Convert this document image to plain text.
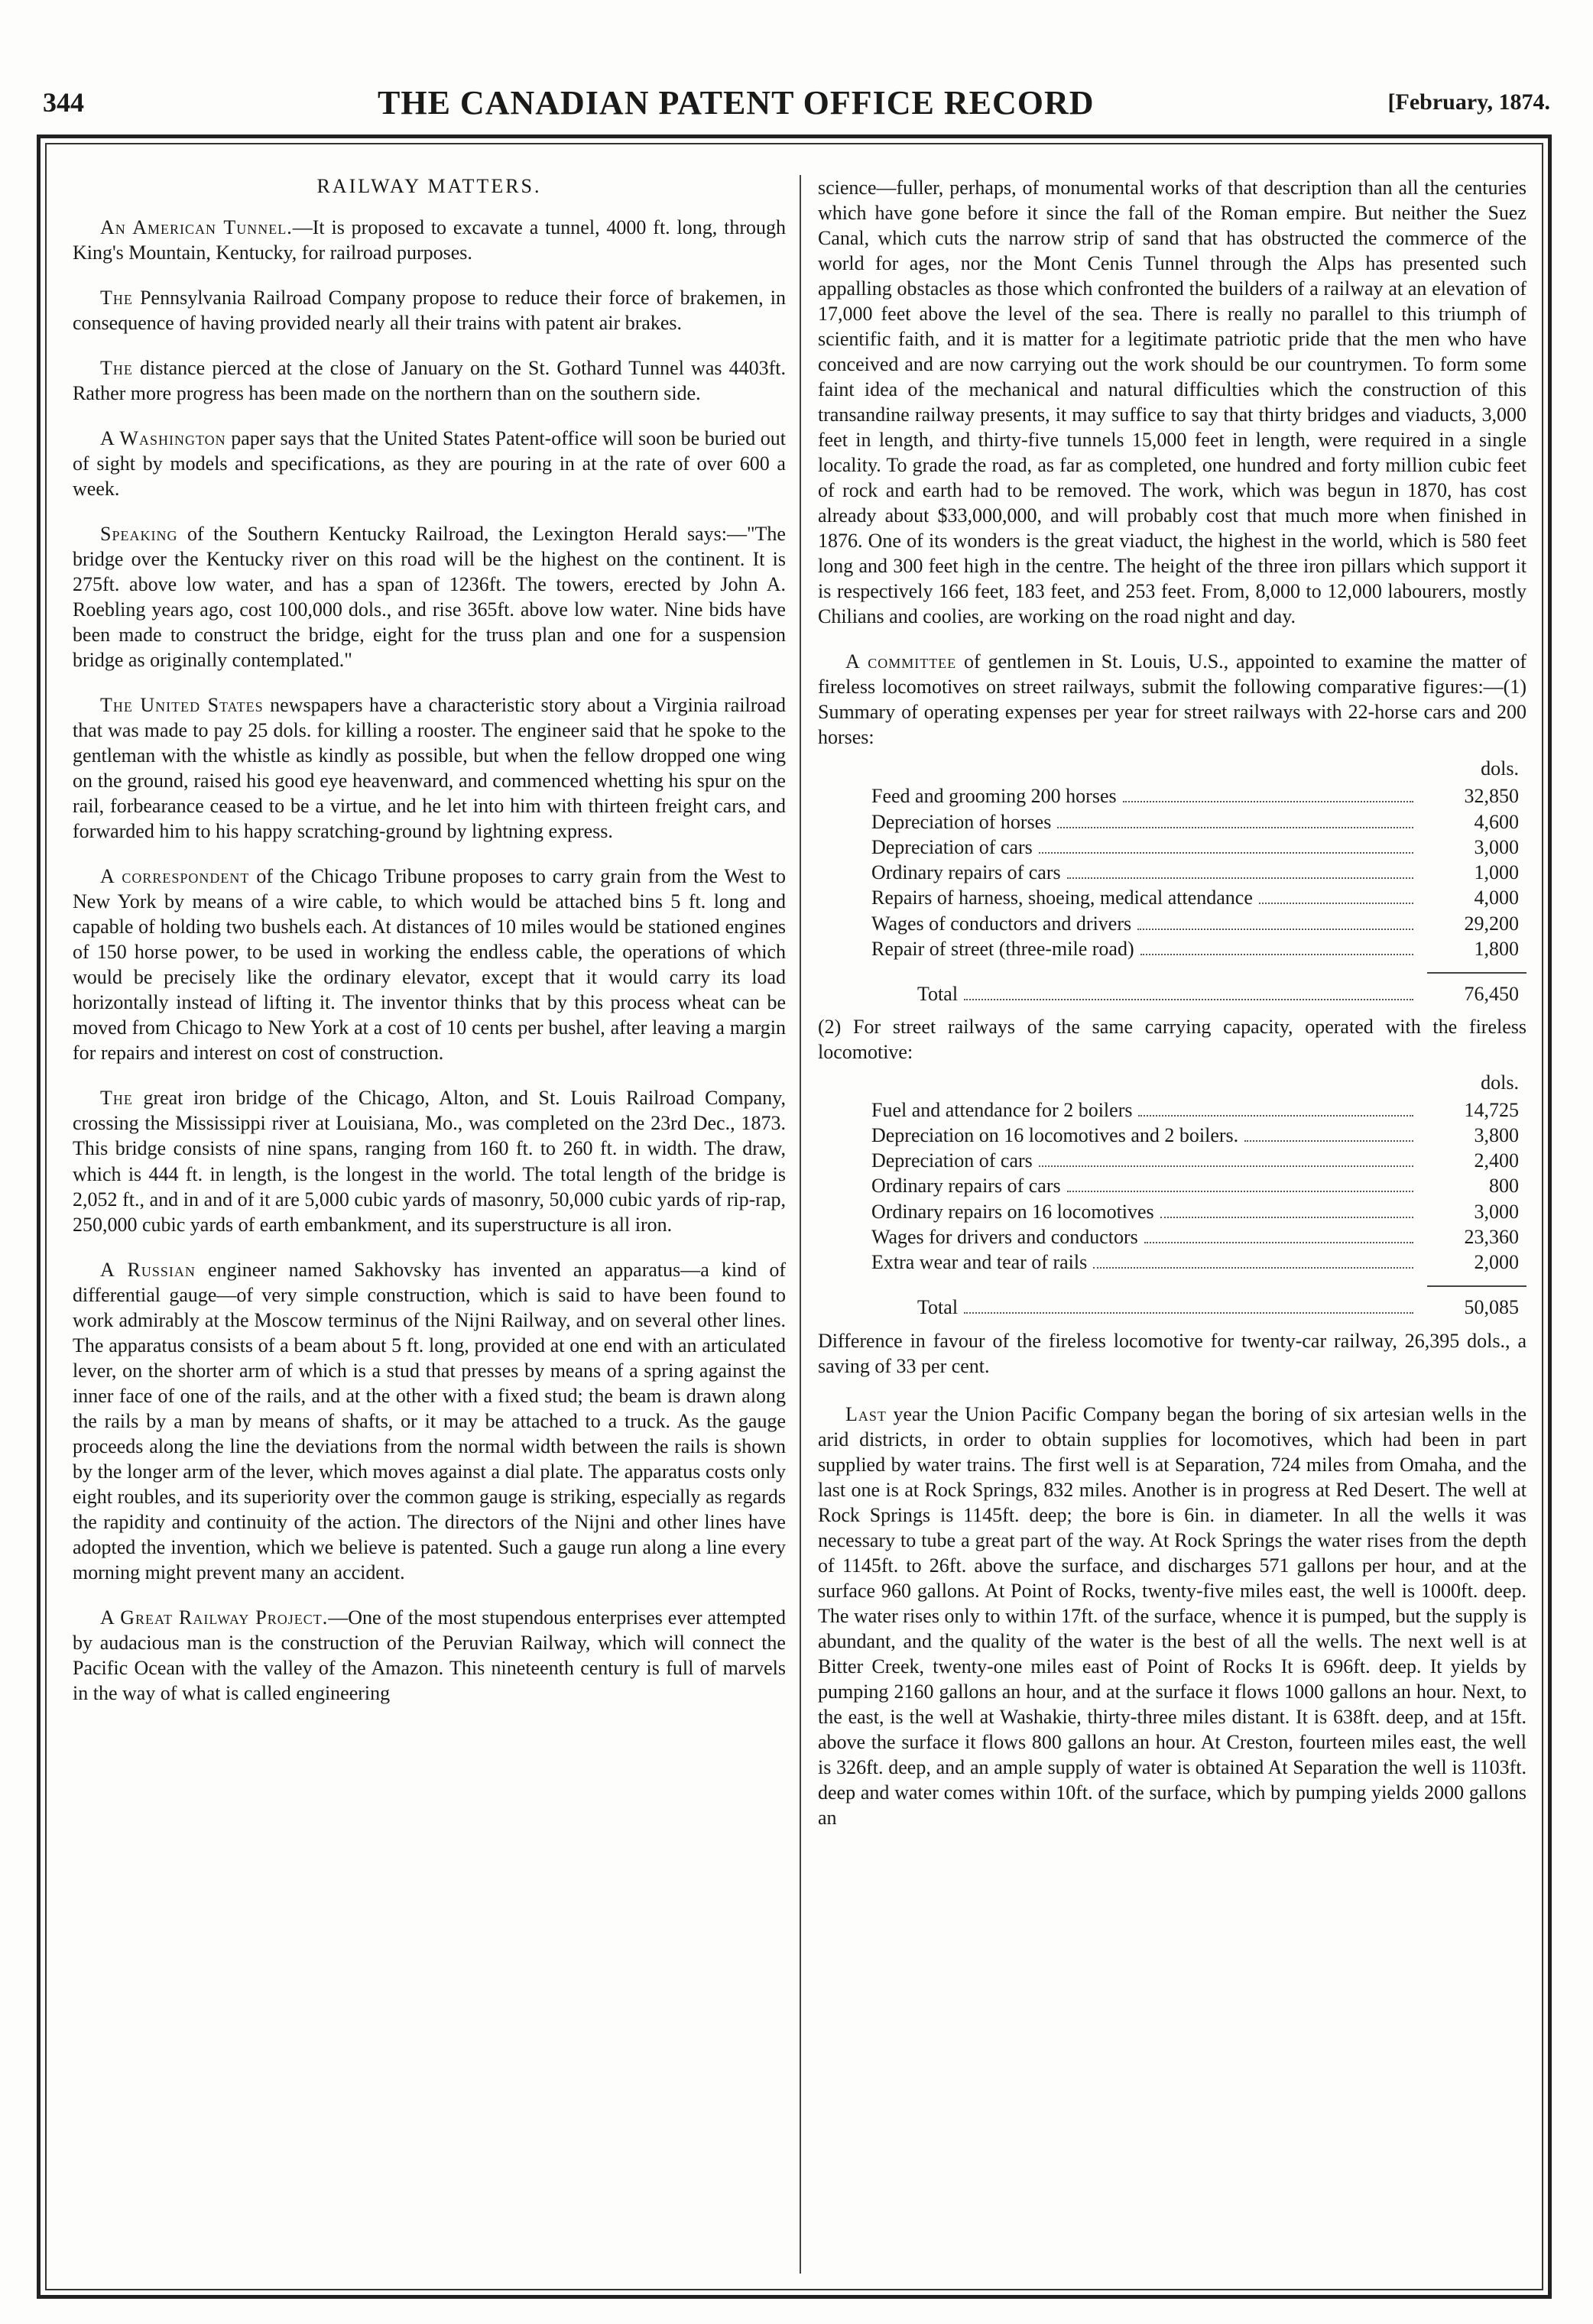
344	THE CANADIAN PATENT OFFICE RECORD	[February, 1874.
RAILWAY MATTERS.

An American Tunnel.—It is proposed to excavate a tunnel, 4000 ft. long, through King's Mountain, Kentucky, for railroad purposes.

The Pennsylvania Railroad Company propose to reduce their force of brakemen, in consequence of having provided nearly all their trains with patent air brakes.

The distance pierced at the close of January on the St. Gothard Tunnel was 4403ft. Rather more progress has been made on the northern than on the southern side.

A Washington paper says that the United States Patent-office will soon be buried out of sight by models and specifications, as they are pouring in at the rate of over 600 a week.

Speaking of the Southern Kentucky Railroad, the Lexington Herald says:—"The bridge over the Kentucky river on this road will be the highest on the continent. It is 275ft. above low water, and has a span of 1236ft. The towers, erected by John A. Roebling years ago, cost 100,000 dols., and rise 365ft. above low water. Nine bids have been made to construct the bridge, eight for the truss plan and one for a suspension bridge as originally contemplated."

The United States newspapers have a characteristic story about a Virginia railroad that was made to pay 25 dols. for killing a rooster. The engineer said that he spoke to the gentleman with the whistle as kindly as possible, but when the fellow dropped one wing on the ground, raised his good eye heavenward, and commenced whetting his spur on the rail, forbearance ceased to be a virtue, and he let into him with thirteen freight cars, and forwarded him to his happy scratching-ground by lightning express.

A correspondent of the Chicago Tribune proposes to carry grain from the West to New York by means of a wire cable, to which would be attached bins 5 ft. long and capable of holding two bushels each. At distances of 10 miles would be stationed engines of 150 horse power, to be used in working the endless cable, the operations of which would be precisely like the ordinary elevator, except that it would carry its load horizontally instead of lifting it. The inventor thinks that by this process wheat can be moved from Chicago to New York at a cost of 10 cents per bushel, after leaving a margin for repairs and interest on cost of construction.

The great iron bridge of the Chicago, Alton, and St. Louis Railroad Company, crossing the Mississippi river at Louisiana, Mo., was completed on the 23rd Dec., 1873. This bridge consists of nine spans, ranging from 160 ft. to 260 ft. in width. The draw, which is 444 ft. in length, is the longest in the world. The total length of the bridge is 2,052 ft., and in and of it are 5,000 cubic yards of masonry, 50,000 cubic yards of rip-rap, 250,000 cubic yards of earth embankment, and its superstructure is all iron.

A Russian engineer named Sakhovsky has invented an apparatus—a kind of differential gauge—of very simple construction, which is said to have been found to work admirably at the Moscow terminus of the Nijni Railway, and on several other lines. The apparatus consists of a beam about 5 ft. long, provided at one end with an articulated lever, on the shorter arm of which is a stud that presses by means of a spring against the inner face of one of the rails, and at the other with a fixed stud; the beam is drawn along the rails by a man by means of shafts, or it may be attached to a truck. As the gauge proceeds along the line the deviations from the normal width between the rails is shown by the longer arm of the lever, which moves against a dial plate. The apparatus costs only eight roubles, and its superiority over the common gauge is striking, especially as regards the rapidity and continuity of the action. The directors of the Nijni and other lines have adopted the invention, which we believe is patented. Such a gauge run along a line every morning might prevent many an accident.

A Great Railway Project.—One of the most stupendous enterprises ever attempted by audacious man is the construction of the Peruvian Railway, which will connect the Pacific Ocean with the valley of the Amazon. This nineteenth century is full of marvels in the way of what is called engineering

science—fuller, perhaps, of monumental works of that description than all the centuries which have gone before it since the fall of the Roman empire. But neither the Suez Canal, which cuts the narrow strip of sand that has obstructed the commerce of the world for ages, nor the Mont Cenis Tunnel through the Alps has presented such appalling obstacles as those which confronted the builders of a railway at an elevation of 17,000 feet above the level of the sea. There is really no parallel to this triumph of scientific faith, and it is matter for a legitimate patriotic pride that the men who have conceived and are now carrying out the work should be our countrymen. To form some faint idea of the mechanical and natural difficulties which the construction of this transandine railway presents, it may suffice to say that thirty bridges and viaducts, 3,000 feet in length, and thirty-five tunnels 15,000 feet in length, were required in a single locality. To grade the road, as far as completed, one hundred and forty million cubic feet of rock and earth had to be removed. The work, which was begun in 1870, has cost already about $33,000,000, and will probably cost that much more when finished in 1876. One of its wonders is the great viaduct, the highest in the world, which is 580 feet long and 300 feet high in the centre. The height of the three iron pillars which support it is respectively 166 feet, 183 feet, and 253 feet. From, 8,000 to 12,000 labourers, mostly Chilians and coolies, are working on the road night and day.

A committee of gentlemen in St. Louis, U.S., appointed to examine the matter of fireless locomotives on street railways, submit the following comparative figures:—(1) Summary of operating expenses per year for street railways with 22-horse cars and 200 horses:

dols.
Feed and grooming 200 horses	32,850
Depreciation of horses	4,600
Depreciation of cars	3,000
Ordinary repairs of cars	1,000
Repairs of harness, shoeing, medical attendance	4,000
Wages of conductors and drivers	29,200
Repair of street (three-mile road)	1,800
Total	76,450

(2) For street railways of the same carrying capacity, operated with the fireless locomotive:

dols.
Fuel and attendance for 2 boilers	14,725
Depreciation on 16 locomotives and 2 boilers.	3,800
Depreciation of cars	2,400
Ordinary repairs of cars	800
Ordinary repairs on 16 locomotives	3,000
Wages for drivers and conductors	23,360
Extra wear and tear of rails	2,000
Total	50,085

Difference in favour of the fireless locomotive for twenty-car railway, 26,395 dols., a saving of 33 per cent.

Last year the Union Pacific Company began the boring of six artesian wells in the arid districts, in order to obtain supplies for locomotives, which had been in part supplied by water trains. The first well is at Separation, 724 miles from Omaha, and the last one is at Rock Springs, 832 miles. Another is in progress at Red Desert. The well at Rock Springs is 1145ft. deep; the bore is 6in. in diameter. In all the wells it was necessary to tube a great part of the way. At Rock Springs the water rises from the depth of 1145ft. to 26ft. above the surface, and discharges 571 gallons per hour, and at the surface 960 gallons. At Point of Rocks, twenty-five miles east, the well is 1000ft. deep. The water rises only to within 17ft. of the surface, whence it is pumped, but the supply is abundant, and the quality of the water is the best of all the wells. The next well is at Bitter Creek, twenty-one miles east of Point of Rocks It is 696ft. deep. It yields by pumping 2160 gallons an hour, and at the surface it flows 1000 gallons an hour. Next, to the east, is the well at Washakie, thirty-three miles distant. It is 638ft. deep, and at 15ft. above the surface it flows 800 gallons an hour. At Creston, fourteen miles east, the well is 326ft. deep, and an ample supply of water is obtained At Separation the well is 1103ft. deep and water comes within 10ft. of the surface, which by pumping yields 2000 gallons an
